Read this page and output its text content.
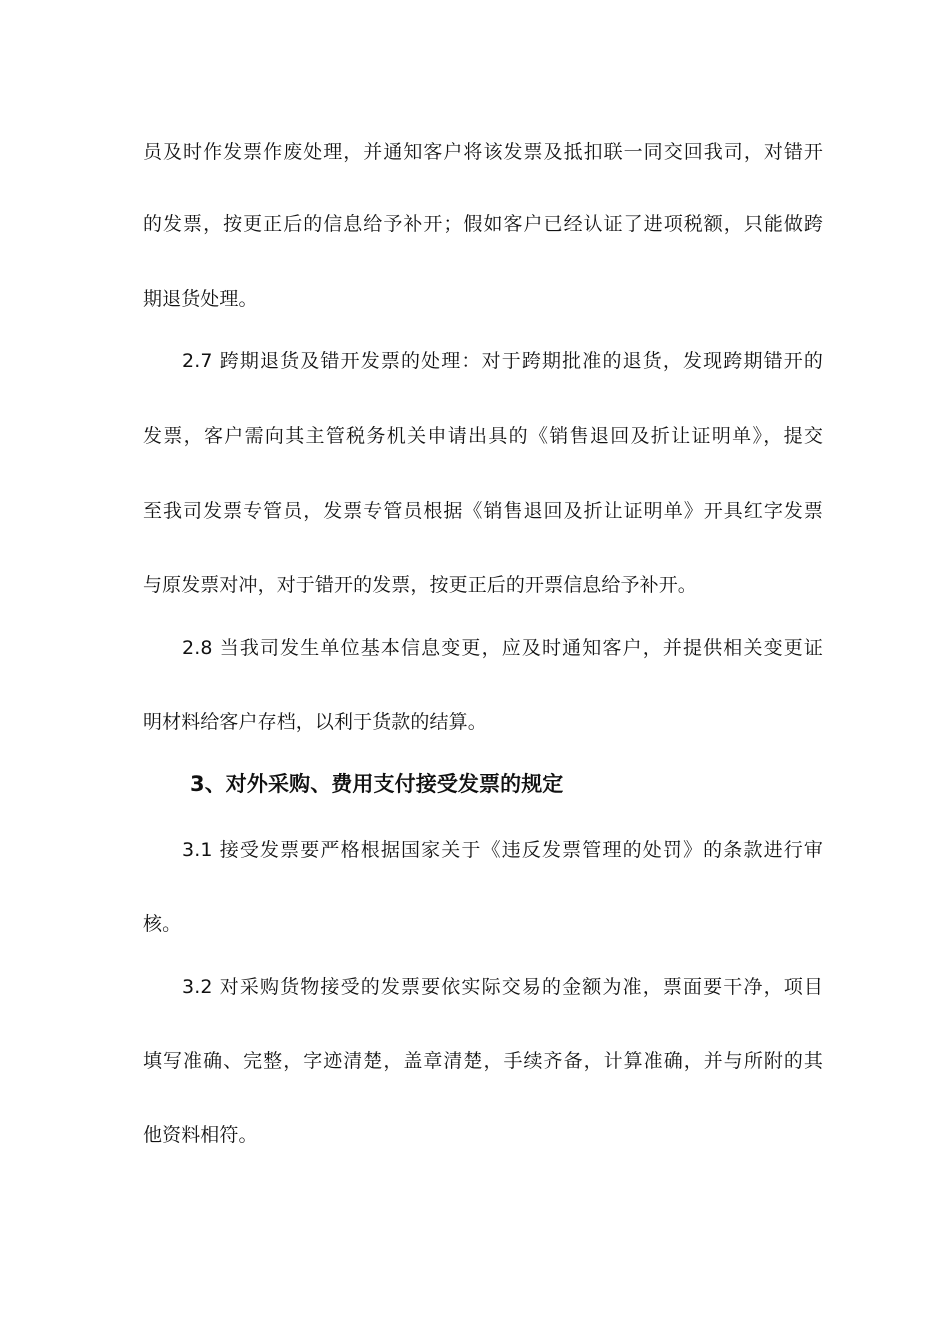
员及时作发票作废处理，并通知客户将该发票及抵扣联一同交回我司，对错开
的发票，按更正后的信息给予补开；假如客户已经认证了进项税额，只能做跨
期退货处理。
2.7 跨期退货及错开发票的处理：对于跨期批准的退货，发现跨期错开的
发票，客户需向其主管税务机关申请出具的《销售退回及折让证明单》，提交
至我司发票专管员，发票专管员根据《销售退回及折让证明单》开具红字发票
与原发票对冲，对于错开的发票，按更正后的开票信息给予补开。
2.8 当我司发生单位基本信息变更，应及时通知客户，并提供相关变更证
明材料给客户存档，以利于货款的结算。
3、对外采购、费用支付接受发票的规定
3.1 接受发票要严格根据国家关于《违反发票管理的处罚》的条款进行审
核。
3.2 对采购货物接受的发票要依实际交易的金额为准，票面要干净，项目
填写准确、完整，字迹清楚，盖章清楚，手续齐备，计算准确，并与所附的其
他资料相符。
